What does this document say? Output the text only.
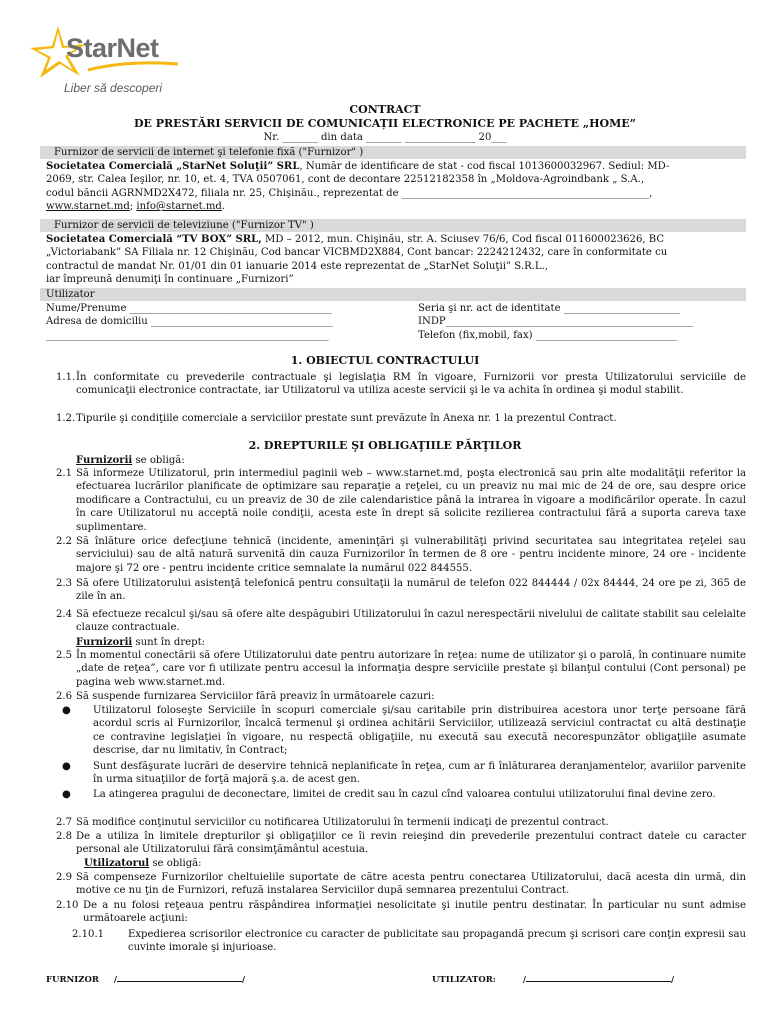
StarNet
Liber să descoperi
CONTRACT
DE PRESTĂRI SERVICII DE COMUNICAȚII ELECTRONICE PE PACHETE „HOME”
Nr. _______ din data _______ ______________ 20___
Furnizor de servicii de internet şi telefonie fixă ("Furnizor" )
Societatea Comercială „StarNet Soluţii” SRL, Număr de identificare de stat - cod fiscal 1013600032967. Sediul: MD-
2069, str. Calea Ieşilor, nr. 10, et. 4, TVA 0507061, cont de decontare 22512182358 în „Moldova-Agroindbank „ S.A.,
codul băncii AGRNMD2X472, filiala nr. 25, Chişinău., reprezentat de _________________________________________________,
www.starnet.md; info@starnet.md.
Furnizor de servicii de televiziune ("Furnizor TV" )
Societatea Comercială “TV BOX” SRL, MD – 2012, mun. Chişinău, str. A. Sciusev 76/6, Cod fiscal 011600023626, BC
„Victoriabank” SA Filiala nr. 12 Chişinău, Cod bancar VICBMD2X884, Cont bancar: 2224212432, care în conformitate cu
contractul de mandat Nr. 01/01 din 01 ianuarie 2014 este reprezentat de „StarNet Soluţii” S.R.L.,
iar împreună denumiţi în continuare „Furnizori”
Utilizator
Nume/Prenume ________________________________________
Adresa de domiciliu ____________________________________
________________________________________________________
Seria şi nr. act de identitate _______________________
INDP_________________________________________________
Telefon (fix,mobil, fax) ____________________________
1. OBIECTUL CONTRACTULUI
1.1. În conformitate cu prevederile contractuale şi legislaţia RM în vigoare, Furnizorii vor presta Utilizatorului serviciile de comunicaţii electronice contractate, iar Utilizatorul va utiliza aceste servicii şi le va achita în ordinea şi modul stabilit.
1.2. Tipurile şi condiţiile comerciale a serviciilor prestate sunt prevăzute în Anexa nr. 1 la prezentul Contract.
2. DREPTURILE ŞI OBLIGAŢIILE PĂRŢILOR
Furnizorii se obligă:
2.1 Să informeze Utilizatorul, prin intermediul paginii web – www.starnet.md, poşta electronică sau prin alte modalităţii referitor la efectuarea lucrărilor planificate de optimizare sau reparaţie a reţelei, cu un preaviz nu mai mic de 24 de ore, sau despre orice modificare a Contractului, cu un preaviz de 30 de zile calendaristice până la intrarea în vigoare a modificărilor operate. În cazul în care Utilizatorul nu acceptă noile condiţii, acesta este în drept să solicite rezilierea contractului fără a suporta careva taxe suplimentare.
2.2 Să înlăture orice defecţiune tehnică (incidente, ameninţări şi vulnerabilităţi privind securitatea sau integritatea reţelei sau serviciului) sau de altă natură survenită din cauza Furnizorilor în termen de 8 ore - pentru incidente minore, 24 ore - incidente majore şi 72 ore - pentru incidente critice semnalate la numărul 022 844555.
2.3 Să ofere Utilizatorului asistenţă telefonică pentru consultaţii la numărul de telefon 022 844444 / 02x 84444, 24 ore pe zi, 365 de zile în an.
2.4 Să efectueze recalcul şi/sau să ofere alte despăgubiri Utilizatorului în cazul nerespectării nivelului de calitate stabilit sau celelalte clauze contractuale.
Furnizorii sunt în drept:
2.5 În momentul conectării să ofere Utilizatorului date pentru autorizare în reţea: nume de utilizator şi o parolă, în continuare numite „date de reţea”, care vor fi utilizate pentru accesul la informaţia despre serviciile prestate şi bilanţul contului (Cont personal) pe pagina web www.starnet.md.
2.6 Să suspende furnizarea Serviciilor fără preaviz în următoarele cazuri:
● Utilizatorul foloseşte Serviciile în scopuri comerciale şi/sau caritabile prin distribuirea acestora unor terţe persoane fără acordul scris al Furnizorilor, încalcă termenul şi ordinea achitării Serviciilor, utilizează serviciul contractat cu altă destinaţie ce contravine legislaţiei în vigoare, nu respectă obligaţiile, nu execută sau execută necorespunzător obligaţiile asumate descrise, dar nu limitativ, în Contract;
● Sunt desfăşurate lucrări de deservire tehnică neplanificate în reţea, cum ar fi înlăturarea deranjamentelor, avariilor parvenite în urma situaţiilor de forţă majoră ş.a. de acest gen.
● La atingerea pragului de deconectare, limitei de credit sau în cazul cînd valoarea contului utilizatorului final devine zero.
2.7 Să modifice conţinutul serviciilor cu notificarea Utilizatorului în termenii indicaţi de prezentul contract.
2.8 De a utiliza în limitele drepturilor şi obligaţiilor ce îi revin reieşind din prevederile prezentului contract datele cu caracter personal ale Utilizatorului fără consimţământul acestuia.
Utilizatorul se obligă:
2.9 Să compenseze Furnizorilor cheltuielile suportate de către acesta pentru conectarea Utilizatorului, dacă acesta din urmă, din motive ce nu ţin de Furnizori, refuză instalarea Serviciilor după semnarea prezentului Contract.
2.10 De a nu folosi reţeaua pentru răspândirea informaţiei nesolicitate şi inutile pentru destinatar. În particular nu sunt admise următoarele acţiuni:
2.10.1 Expedierea scrisorilor electronice cu caracter de publicitate sau propagandă precum şi scrisori care conţin expresii sau cuvinte imorale şi injurioase.
FURNIZOR /	/	UTILIZATOR:	/	/
